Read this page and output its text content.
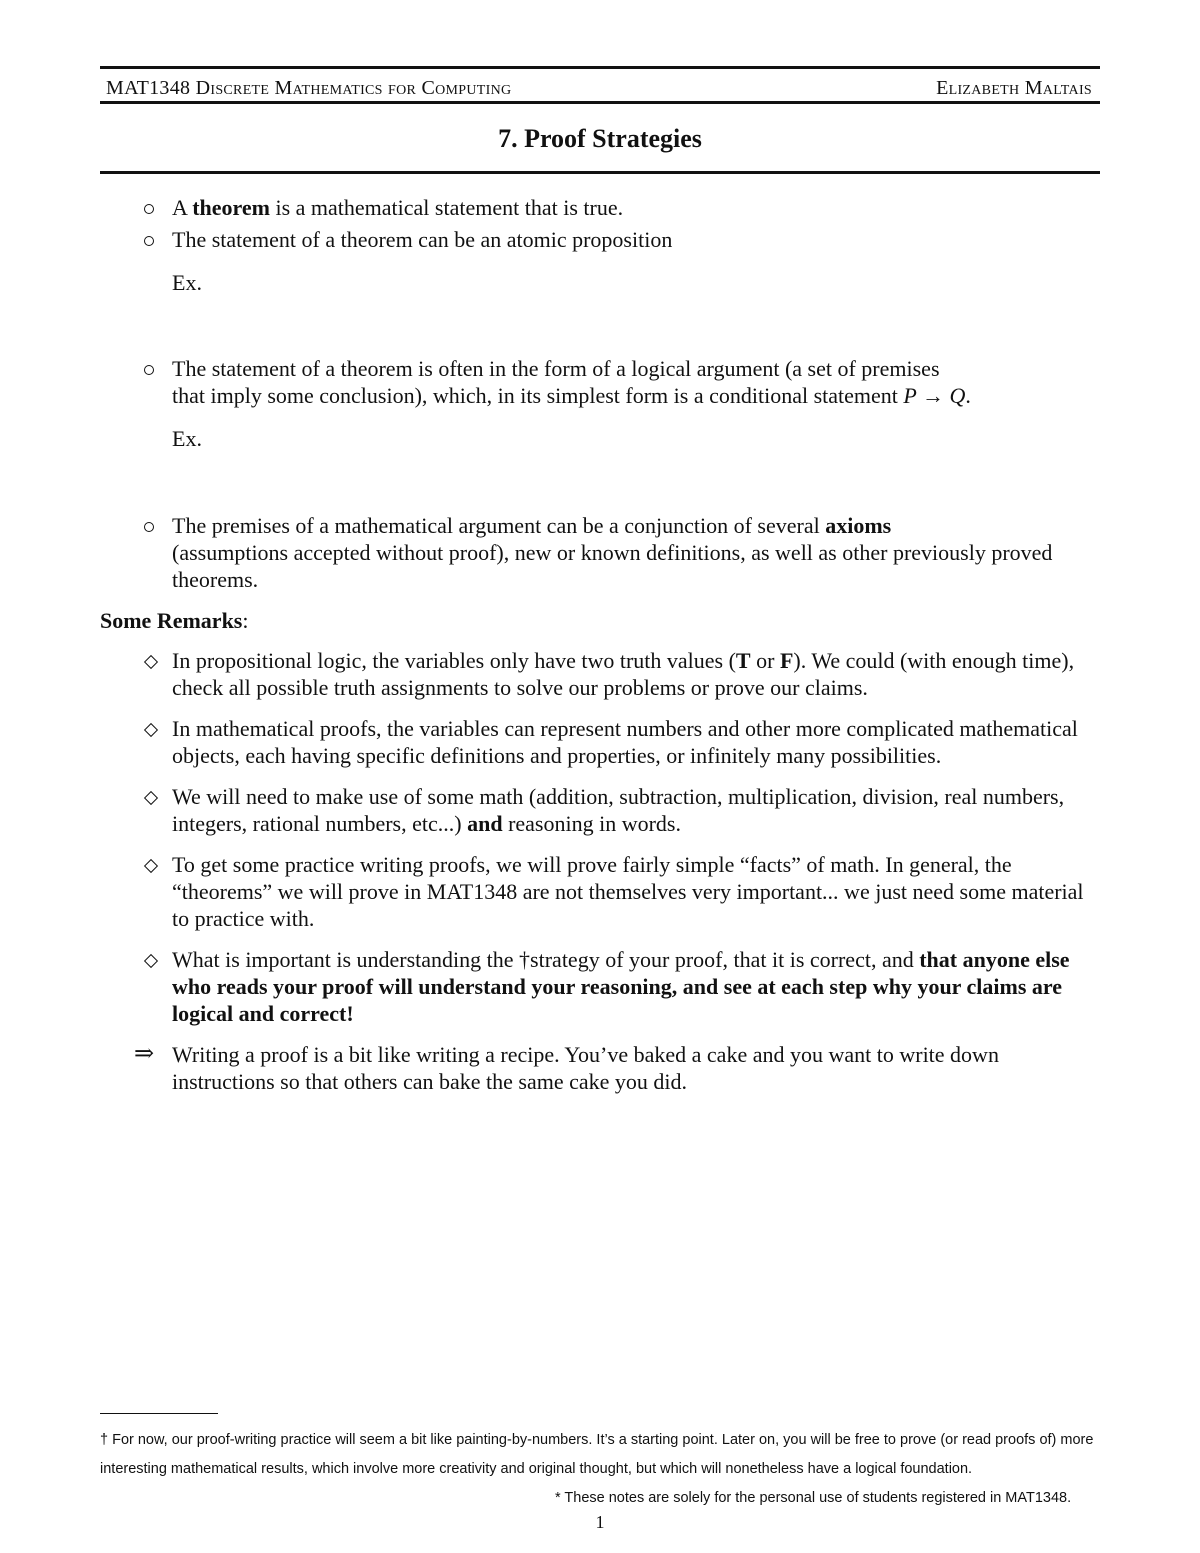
MAT1348 Discrete Mathematics for Computing	Elizabeth Maltais
7. Proof Strategies
A theorem is a mathematical statement that is true.
The statement of a theorem can be an atomic proposition
Ex.
The statement of a theorem is often in the form of a logical argument (a set of premises
that imply some conclusion), which, in its simplest form is a conditional statement P → Q.
Ex.
The premises of a mathematical argument can be a conjunction of several axioms
(assumptions accepted without proof), new or known definitions, as well as other previously proved theorems.
Some Remarks:
In propositional logic, the variables only have two truth values (T or F). We could (with enough time), check all possible truth assignments to solve our problems or prove our claims.
In mathematical proofs, the variables can represent numbers and other more complicated mathematical objects, each having specific definitions and properties, or infinitely many possibilities.
We will need to make use of some math (addition, subtraction, multiplication, division, real numbers, integers, rational numbers, etc...) and reasoning in words.
To get some practice writing proofs, we will prove fairly simple “facts” of math. In general, the “theorems” we will prove in MAT1348 are not themselves very important... we just need some material to practice with.
What is important is understanding the †strategy of your proof, that it is correct, and that anyone else who reads your proof will understand your reasoning, and see at each step why your claims are logical and correct!
⇒ Writing a proof is a bit like writing a recipe. You’ve baked a cake and you want to write down instructions so that others can bake the same cake you did.
† For now, our proof-writing practice will seem a bit like painting-by-numbers. It’s a starting point. Later on, you will be free to prove (or read proofs of) more interesting mathematical results, which involve more creativity and original thought, but which will nonetheless have a logical foundation.
* These notes are solely for the personal use of students registered in MAT1348.
1
